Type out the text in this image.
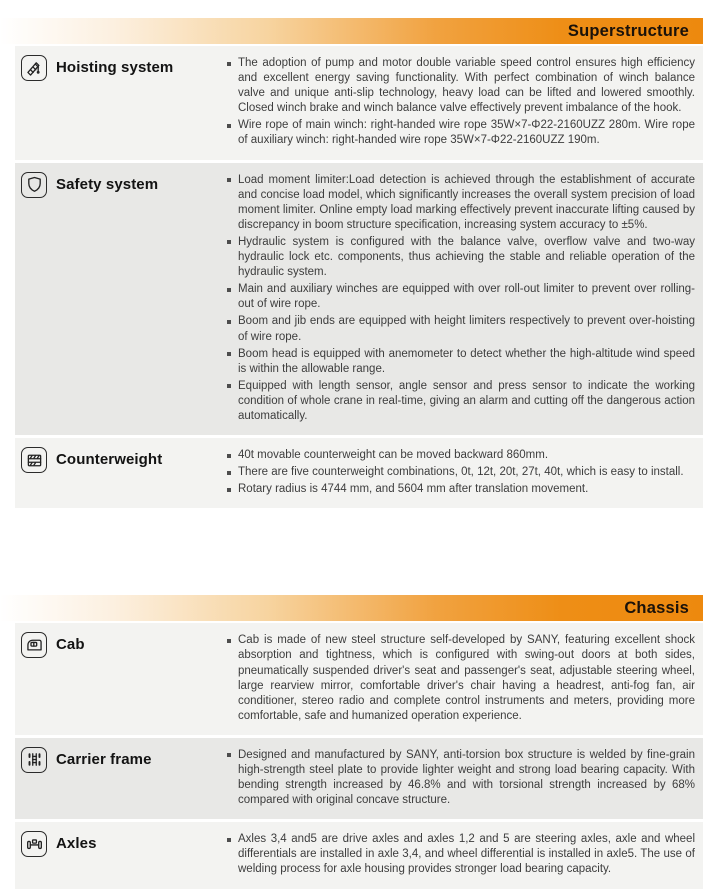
Superstructure
Hoisting system	The adoption of pump and motor double variable speed control ensures high efficiency and excellent energy saving functionality. With perfect combination of winch balance valve and unique anti-slip technology, heavy load can be lifted and lowered smoothly. Closed winch brake and winch balance valve effectively prevent imbalance of the hook.
Wire rope of main winch: right-handed wire rope 35W×7-Φ22-2160UZZ 280m. Wire rope of auxiliary winch: right-handed wire rope 35W×7-Φ22-2160UZZ 190m.
Safety system	Load moment limiter:Load detection is achieved through the establishment of accurate and concise load model, which significantly increases the overall system precision of load moment limiter. Online empty load marking effectively prevent inaccurate lifting caused by discrepancy in boom structure specification, increasing system accuracy to ±5%.
Hydraulic system is configured with the balance valve, overflow valve and two-way hydraulic lock etc. components, thus achieving the stable and reliable operation of the hydraulic system.
Main and auxiliary winches are equipped with over roll-out limiter to prevent over rolling-out of wire rope.
Boom and jib ends are equipped with height limiters respectively to prevent over-hoisting of wire rope.
Boom head is equipped with anemometer to detect whether the high-altitude wind speed is within the allowable range.
Equipped with length sensor, angle sensor and press sensor to indicate the working condition of whole crane in real-time, giving an alarm and cutting off the dangerous action automatically.
Counterweight	40t movable counterweight can be moved backward 860mm.
There are five counterweight combinations, 0t, 12t, 20t, 27t, 40t, which is easy to install.
Rotary radius is 4744 mm, and 5604 mm after translation movement.
Chassis
Cab	Cab is made of new steel structure self-developed by SANY, featuring excellent shock absorption and tightness, which is configured with swing-out doors at both sides, pneumatically suspended driver's seat and passenger's seat, adjustable steering wheel, large rearview mirror, comfortable driver's chair having a headrest, anti-fog fan, air conditioner, stereo radio and complete control instruments and meters, providing more comfortable, safe and humanized operation experience.
Carrier frame	Designed and manufactured by SANY, anti-torsion box structure is welded by fine-grain high-strength steel plate to provide lighter weight and strong load bearing capacity. With bending strength increased by 46.8% and with torsional strength increased by 68% compared with original concave structure.
Axles	Axles 3,4 and5 are drive axles and axles 1,2 and 5 are steering axles, axle and wheel differentials are installed in axle 3,4, and wheel differential is installed in axle5. The use of welding process for axle housing provides stronger load bearing capacity.
